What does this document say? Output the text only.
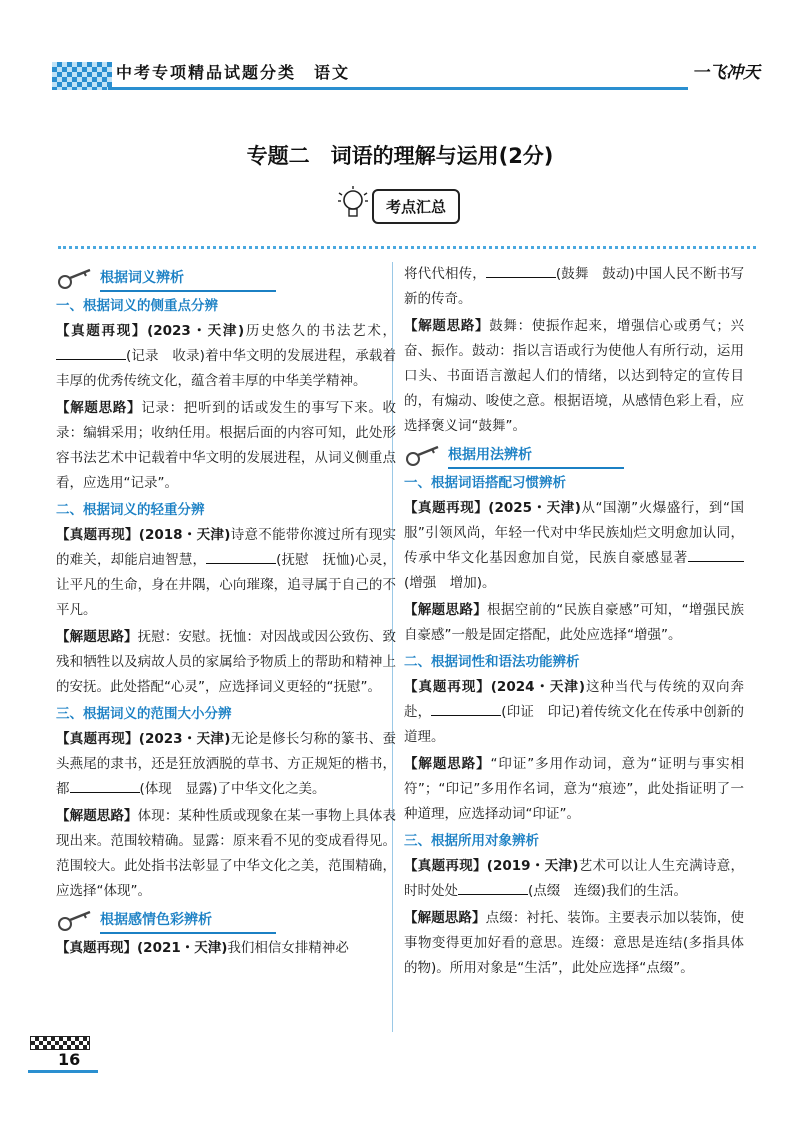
中考专项精品试题分类　语文	一飞冲天
专题二　词语的理解与运用(2分)
考点汇总
根据词义辨析

一、根据词义的侧重点分辨

【真题再现】(2023・天津)历史悠久的书法艺术，(记录　收录)着中华文明的发展进程，承载着丰厚的优秀传统文化，蕴含着丰厚的中华美学精神。

【解题思路】记录：把听到的话或发生的事写下来。收录：编辑采用；收纳任用。根据后面的内容可知，此处形容书法艺术中记载着中华文明的发展进程，从词义侧重点看，应选用“记录”。

二、根据词义的轻重分辨

【真题再现】(2018・天津)诗意不能带你渡过所有现实的难关，却能启迪智慧，	(抚慰　抚恤)心灵，让平凡的生命，身在井隅，心向璀璨，追寻属于自己的不平凡。

【解题思路】抚慰：安慰。抚恤：对因战或因公致伤、致残和牺牲以及病故人员的家属给予物质上的帮助和精神上的安抚。此处搭配“心灵”，应选择词义更轻的“抚慰”。

三、根据词义的范围大小分辨

【真题再现】(2023・天津)无论是修长匀称的篆书、蚕头燕尾的隶书，还是狂放洒脱的草书、方正规矩的楷书，都	(体现　显露)了中华文化之美。

【解题思路】体现：某种性质或现象在某一事物上具体表现出来。范围较精确。显露：原来看不见的变成看得见。范围较大。此处指书法彰显了中华文化之美，范围精确，应选择“体现”。

根据感情色彩辨析

【真题再现】(2021・天津)我们相信女排精神必

将代代相传，	(鼓舞　鼓动)中国人民不断书写新的传奇。

【解题思路】鼓舞：使振作起来，增强信心或勇气；兴奋、振作。鼓动：指以言语或行为使他人有所行动，运用口头、书面语言激起人们的情绪，以达到特定的宣传目的，有煽动、唆使之意。根据语境，从感情色彩上看，应选择褒义词“鼓舞”。

根据用法辨析

一、根据词语搭配习惯辨析

【真题再现】(2025・天津)从“国潮”火爆盛行，到“国服”引领风尚，年轻一代对中华民族灿烂文明愈加认同，传承中华文化基因愈加自觉，民族自豪感显著(增强　增加)。

【解题思路】根据空前的“民族自豪感”可知，“增强民族自豪感”一般是固定搭配，此处应选择“增强”。

二、根据词性和语法功能辨析

【真题再现】(2024・天津)这种当代与传统的双向奔赴，	(印证　印记)着传统文化在传承中创新的道理。

【解题思路】“印证”多用作动词，意为“证明与事实相符”；“印记”多用作名词，意为“痕迹”，此处指证明了一种道理，应选择动词“印证”。

三、根据所用对象辨析

【真题再现】(2019・天津)艺术可以让人生充满诗意，时时处处	(点缀　连缀)我们的生活。

【解题思路】点缀：衬托、装饰。主要表示加以装饰，使事物变得更加好看的意思。连缀：意思是连结(多指具体的物)。所用对象是“生活”，此处应选择“点缀”。

16
